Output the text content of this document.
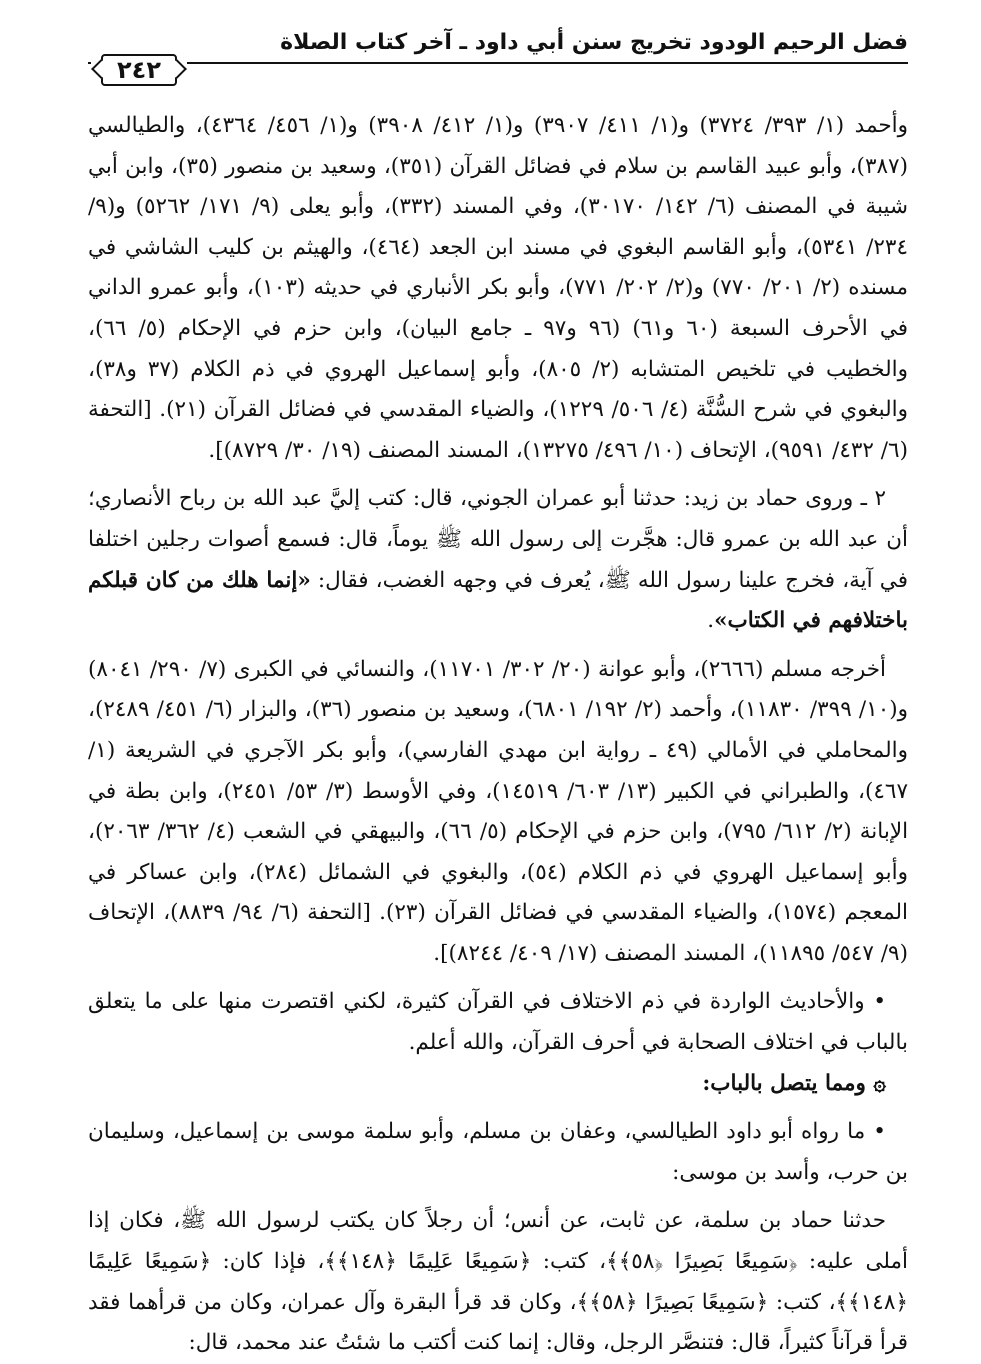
فضل الرحيم الودود تخريج سنن أبي داود ـ آخر كتاب الصلاة
٢٤٢

وأحمد (١/ ٣٩٣/ ٣٧٢٤) و(١/ ٤١١/ ٣٩٠٧) و(١/ ٤١٢/ ٣٩٠٨) و(١/ ٤٥٦/ ٤٣٦٤)، والطيالسي (٣٨٧)، وأبو عبيد القاسم بن سلام في فضائل القرآن (٣٥١)، وسعيد بن منصور (٣٥)، وابن أبي شيبة في المصنف (٦/ ١٤٢/ ٣٠١٧٠)، وفي المسند (٣٣٢)، وأبو يعلى (٩/ ١٧١/ ٥٢٦٢) و(٩/ ٢٣٤/ ٥٣٤١)، وأبو القاسم البغوي في مسند ابن الجعد (٤٦٤)، والهيثم بن كليب الشاشي في مسنده (٢/ ٢٠١/ ٧٧٠) و(٢/ ٢٠٢/ ٧٧١)، وأبو بكر الأنباري في حديثه (١٠٣)، وأبو عمرو الداني في الأحرف السبعة (٦٠ و٦١) (٩٦ و٩٧ ـ جامع البيان)، وابن حزم في الإحكام (٥/ ٦٦)، والخطيب في تلخيص المتشابه (٢/ ٨٠٥)، وأبو إسماعيل الهروي في ذم الكلام (٣٧ و٣٨)، والبغوي في شرح السُّنَّة (٤/ ٥٠٦/ ١٢٢٩)، والضياء المقدسي في فضائل القرآن (٢١). [التحفة (٦/ ٤٣٢/ ٩٥٩١)، الإتحاف (١٠/ ٤٩٦/ ١٣٢٧٥)، المسند المصنف (١٩/ ٣٠/ ٨٧٢٩)].

٢ ـ وروى حماد بن زيد: حدثنا أبو عمران الجوني، قال: كتب إليَّ عبد الله بن رباح الأنصاري؛ أن عبد الله بن عمرو قال: هجَّرت إلى رسول الله ﷺ يوماً، قال: فسمع أصوات رجلين اختلفا في آية، فخرج علينا رسول الله ﷺ، يُعرف في وجهه الغضب، فقال: «إنما هلك من كان قبلكم باختلافهم في الكتاب».

أخرجه مسلم (٢٦٦٦)، وأبو عوانة (٢٠/ ٣٠٢/ ١١٧٠١)، والنسائي في الكبرى (٧/ ٢٩٠/ ٨٠٤١) و(١٠/ ٣٩٩/ ١١٨٣٠)، وأحمد (٢/ ١٩٢/ ٦٨٠١)، وسعيد بن منصور (٣٦)، والبزار (٦/ ٤٥١/ ٢٤٨٩)، والمحاملي في الأمالي (٤٩ ـ رواية ابن مهدي الفارسي)، وأبو بكر الآجري في الشريعة (١/ ٤٦٧)، والطبراني في الكبير (١٣/ ٦٠٣/ ١٤٥١٩)، وفي الأوسط (٣/ ٥٣/ ٢٤٥١)، وابن بطة في الإبانة (٢/ ٦١٢/ ٧٩٥)، وابن حزم في الإحكام (٥/ ٦٦)، والبيهقي في الشعب (٤/ ٣٦٢/ ٢٠٦٣)، وأبو إسماعيل الهروي في ذم الكلام (٥٤)، والبغوي في الشمائل (٢٨٤)، وابن عساكر في المعجم (١٥٧٤)، والضياء المقدسي في فضائل القرآن (٢٣). [التحفة (٦/ ٩٤/ ٨٨٣٩)، الإتحاف (٩/ ٥٤٧/ ١١٨٩٥)، المسند المصنف (١٧/ ٤٠٩/ ٨٢٤٤)].

• والأحاديث الواردة في ذم الاختلاف في القرآن كثيرة، لكني اقتصرت منها على ما يتعلق بالباب في اختلاف الصحابة في أحرف القرآن، والله أعلم.

۞ ومما يتصل بالباب:

• ما رواه أبو داود الطيالسي، وعفان بن مسلم، وأبو سلمة موسى بن إسماعيل، وسليمان بن حرب، وأسد بن موسى:

حدثنا حماد بن سلمة، عن ثابت، عن أنس؛ أن رجلاً كان يكتب لرسول الله ﷺ، فكان إذا أملى عليه: ﴿سَمِيعًا بَصِيرًا ﴿٥٨﴾﴾، كتب: ﴿سَمِيعًا عَلِيمًا ﴿١٤٨﴾﴾، فإذا كان: ﴿سَمِيعًا عَلِيمًا ﴿١٤٨﴾﴾، كتب: ﴿سَمِيعًا بَصِيرًا ﴿٥٨﴾﴾، وكان قد قرأ البقرة وآل عمران، وكان من قرأهما فقد قرأ قرآناً كثيراً، قال: فتنصَّر الرجل، وقال: إنما كنت أكتب ما شئتُ عند محمد، قال:
